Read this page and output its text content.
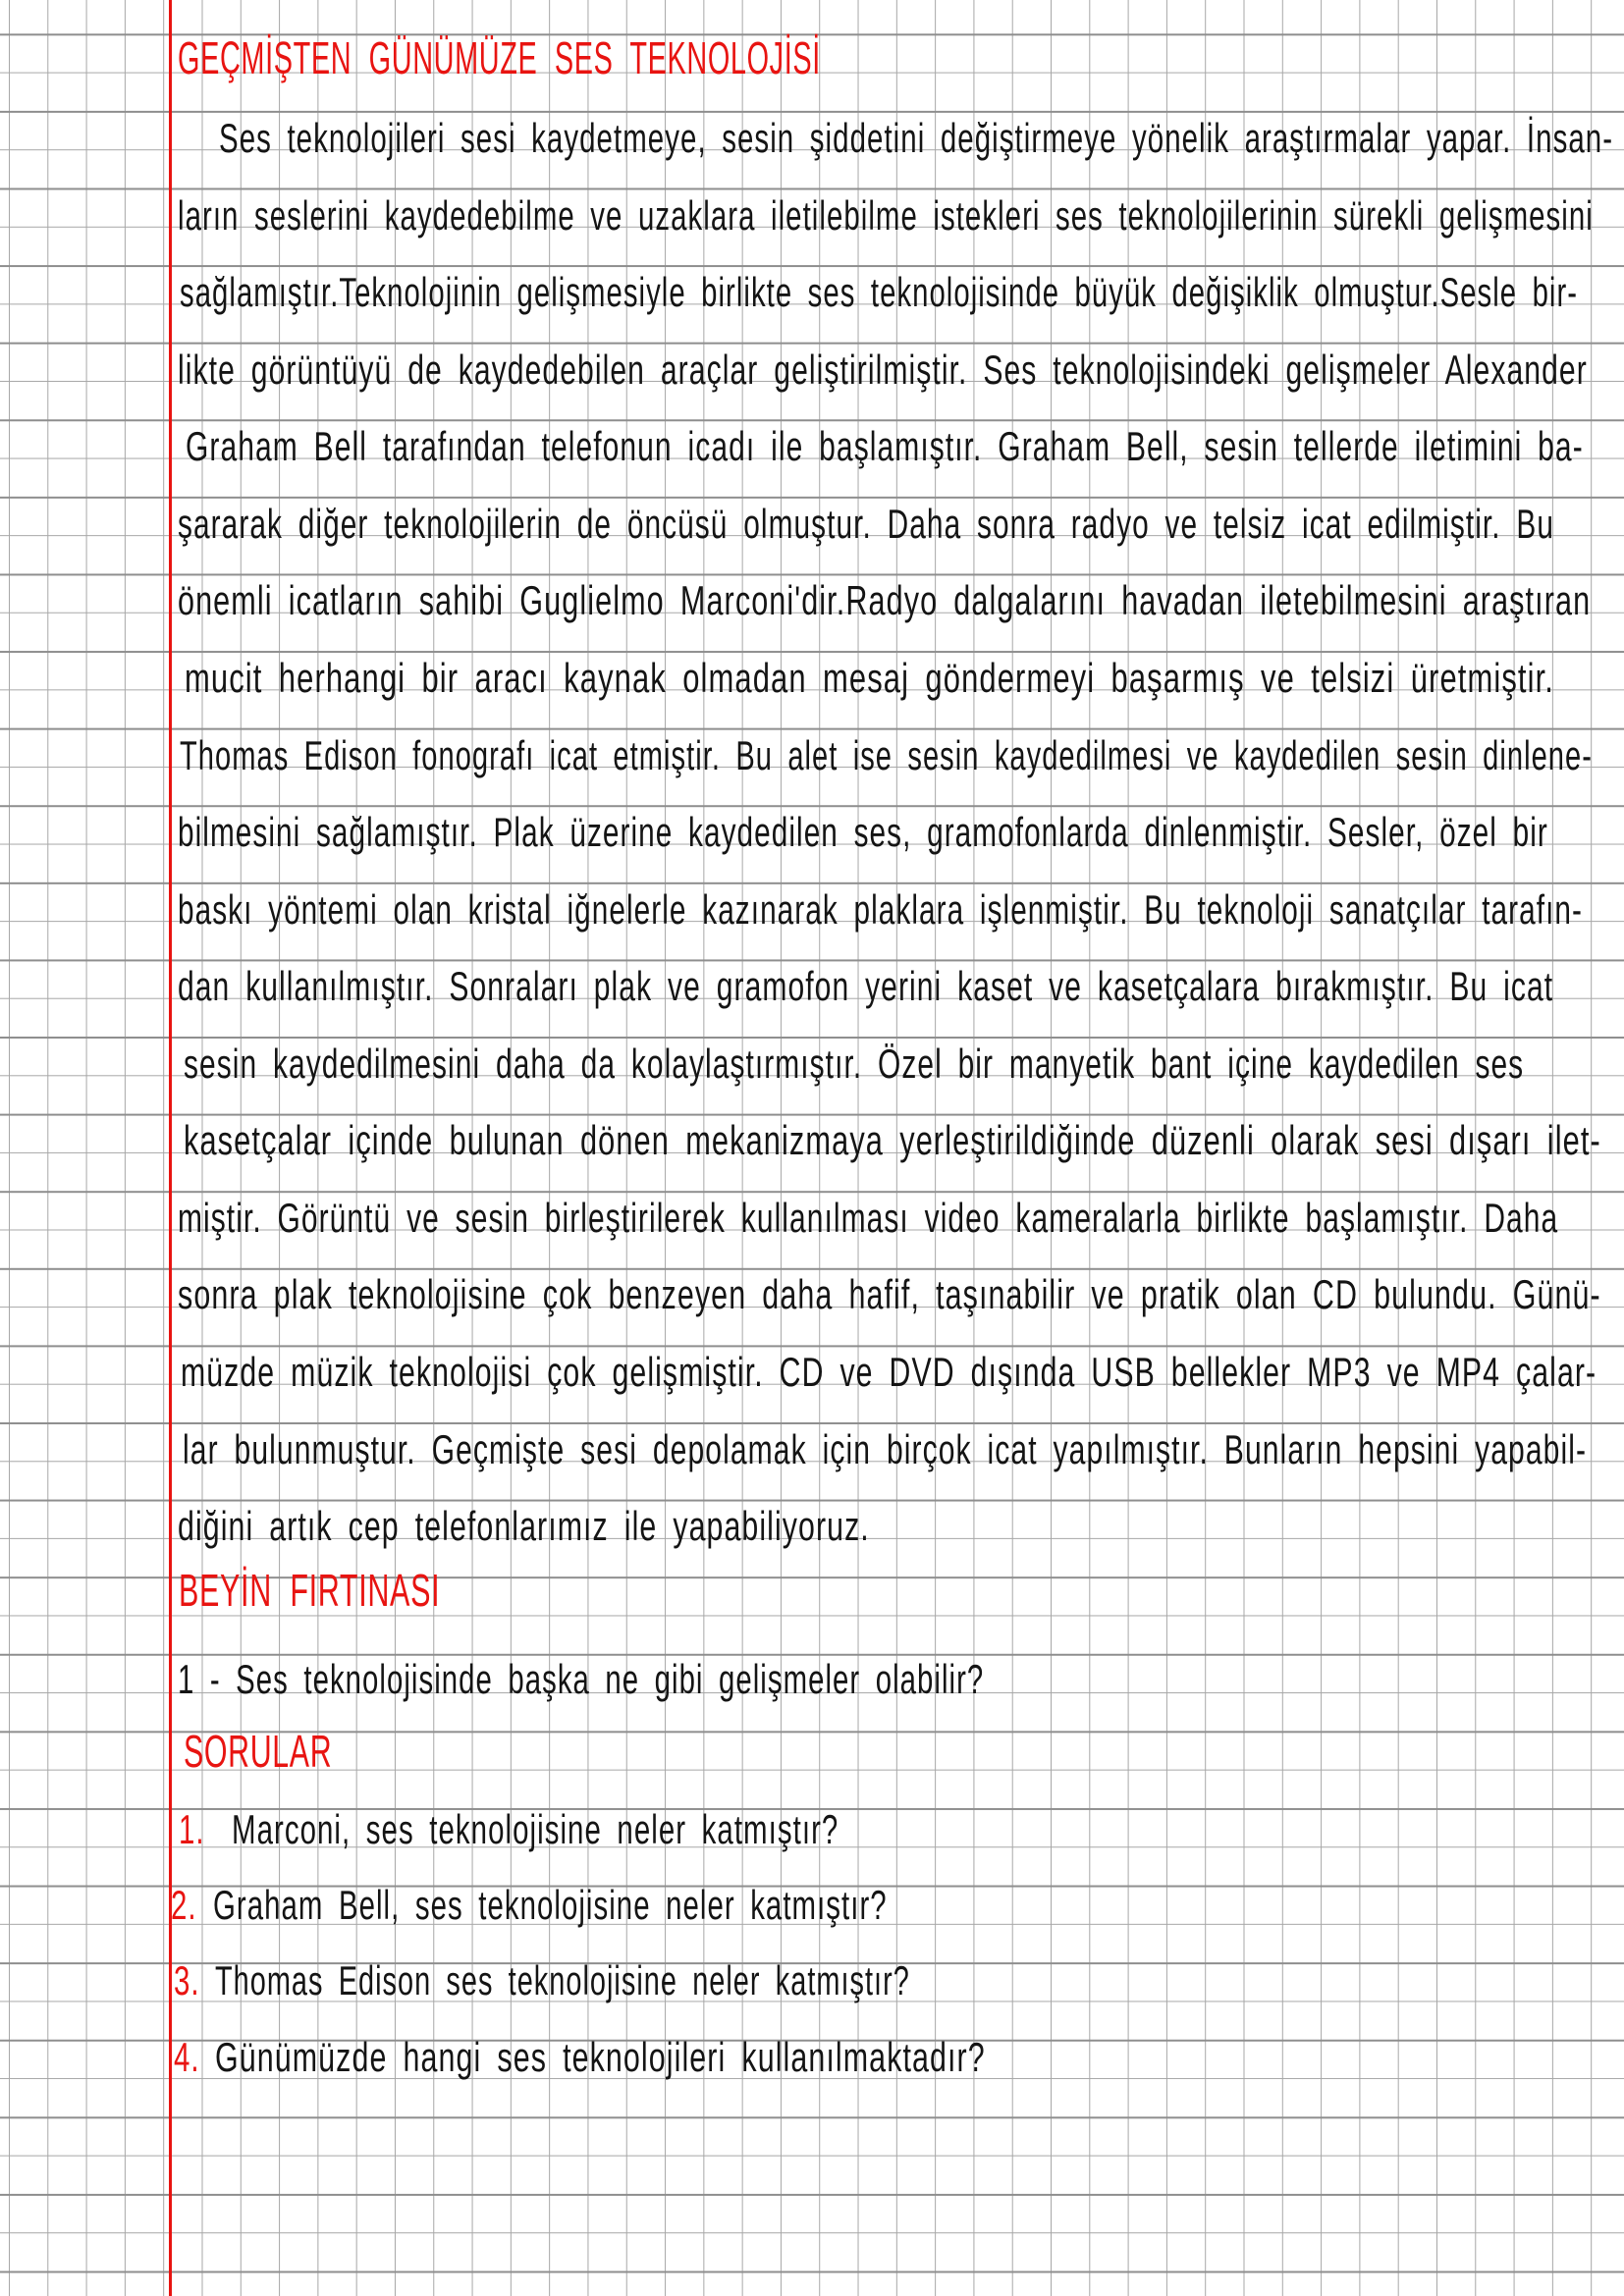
GEÇMİŞTEN GÜNÜMÜZE SES TEKNOLOJİSİ
Ses teknolojileri sesi kaydetmeye, sesin şiddetini değiştirmeye yönelik araştırmalar yapar. İnsan-
ların seslerini kaydedebilme ve uzaklara iletilebilme istekleri ses teknolojilerinin sürekli gelişmesini
sağlamıştır.Teknolojinin gelişmesiyle birlikte ses teknolojisinde büyük değişiklik olmuştur.Sesle bir-
likte görüntüyü de kaydedebilen araçlar geliştirilmiştir. Ses teknolojisindeki gelişmeler Alexander
Graham Bell tarafından telefonun icadı ile başlamıştır. Graham Bell, sesin tellerde iletimini ba-
şararak diğer teknolojilerin de öncüsü olmuştur. Daha sonra radyo ve telsiz icat edilmiştir. Bu
önemli icatların sahibi Guglielmo Marconi'dir.Radyo dalgalarını havadan iletebilmesini araştıran
mucit herhangi bir aracı kaynak olmadan mesaj göndermeyi başarmış ve telsizi üretmiştir.
Thomas Edison fonografı icat etmiştir. Bu alet ise sesin kaydedilmesi ve kaydedilen sesin dinlene-
bilmesini sağlamıştır. Plak üzerine kaydedilen ses, gramofonlarda dinlenmiştir. Sesler, özel bir
baskı yöntemi olan kristal iğnelerle kazınarak plaklara işlenmiştir. Bu teknoloji sanatçılar tarafın-
dan kullanılmıştır. Sonraları plak ve gramofon yerini kaset ve kasetçalara bırakmıştır. Bu icat
sesin kaydedilmesini daha da kolaylaştırmıştır. Özel bir manyetik bant içine kaydedilen ses
kasetçalar içinde bulunan dönen mekanizmaya yerleştirildiğinde düzenli olarak sesi dışarı ilet-
miştir. Görüntü ve sesin birleştirilerek kullanılması video kameralarla birlikte başlamıştır. Daha
sonra plak teknolojisine çok benzeyen daha hafif, taşınabilir ve pratik olan CD bulundu. Günü-
müzde müzik teknolojisi çok gelişmiştir. CD ve DVD dışında USB bellekler MP3 ve MP4 çalar-
lar bulunmuştur. Geçmişte sesi depolamak için birçok icat yapılmıştır. Bunların hepsini yapabil-
diğini artık cep telefonlarımız ile yapabiliyoruz.
BEYİN FIRTINASI
1 - Ses teknolojisinde başka ne gibi gelişmeler olabilir?
SORULAR
1. Marconi, ses teknolojisine neler katmıştır?
2. Graham Bell, ses teknolojisine neler katmıştır?
3. Thomas Edison ses teknolojisine neler katmıştır?
4. Günümüzde hangi ses teknolojileri kullanılmaktadır?
